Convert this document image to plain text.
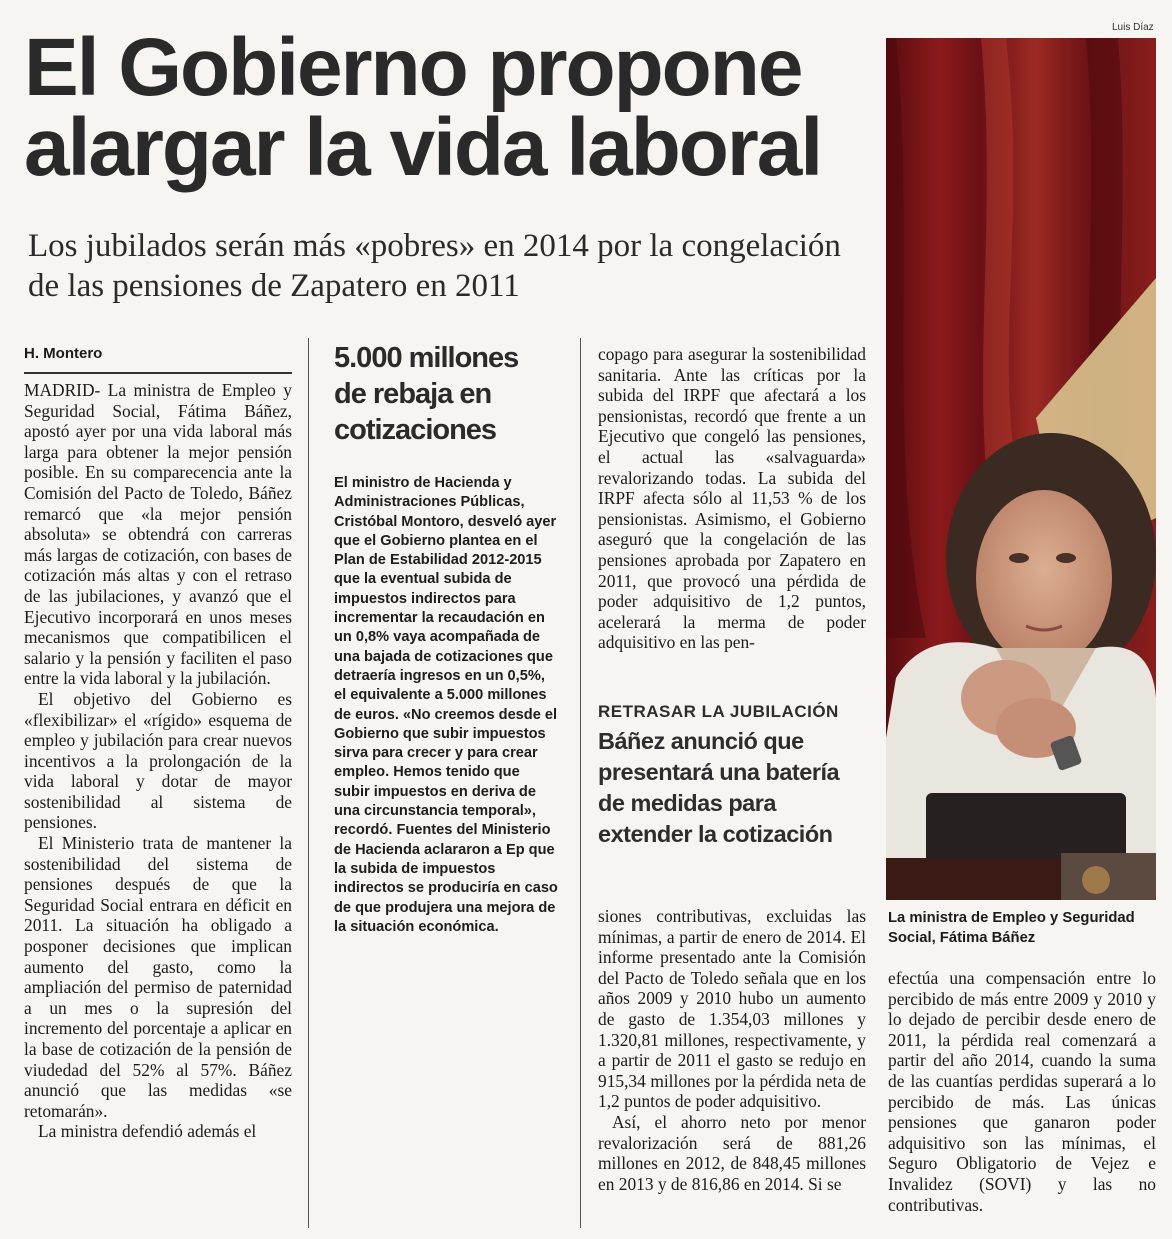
El Gobierno propone alargar la vida laboral
Los jubilados serán más «pobres» en 2014 por la congelación de las pensiones de Zapatero en 2011
H. Montero

MADRID- La ministra de Empleo y Seguridad Social, Fátima Báñez, apostó ayer por una vida laboral más larga para obtener la mejor pensión posible. En su comparecencia ante la Comisión del Pacto de Toledo, Báñez remarcó que «la mejor pensión absoluta» se obtendrá con carreras más largas de cotización, con bases de cotización más altas y con el retraso de las jubilaciones, y avanzó que el Ejecutivo incorporará en unos meses mecanismos que compatibilicen el salario y la pensión y faciliten el paso entre la vida laboral y la jubilación.

El objetivo del Gobierno es «flexibilizar» el «rígido» esquema de empleo y jubilación para crear nuevos incentivos a la prolongación de la vida laboral y dotar de mayor sostenibilidad al sistema de pensiones.

El Ministerio trata de mantener la sostenibilidad del sistema de pensiones después de que la Seguridad Social entrara en déficit en 2011. La situación ha obligado a posponer decisiones que implican aumento del gasto, como la ampliación del permiso de paternidad a un mes o la supresión del incremento del porcentaje a aplicar en la base de cotización de la pensión de viudedad del 52% al 57%. Báñez anunció que las medidas «se retomarán».

La ministra defendió además el

5.000 millones de rebaja en cotizaciones

El ministro de Hacienda y Administraciones Públicas, Cristóbal Montoro, desveló ayer que el Gobierno plantea en el Plan de Estabilidad 2012-2015 que la eventual subida de impuestos indirectos para incrementar la recaudación en un 0,8% vaya acompañada de una bajada de cotizaciones que detraería ingresos en un 0,5%, el equivalente a 5.000 millones de euros. «No creemos desde el Gobierno que subir impuestos sirva para crecer y para crear empleo. Hemos tenido que subir impuestos en deriva de una circunstancia temporal», recordó. Fuentes del Ministerio de Hacienda aclararon a Ep que la subida de impuestos indirectos se produciría en caso de que produjera una mejora de la situación económica.

copago para asegurar la sostenibilidad sanitaria. Ante las críticas por la subida del IRPF que afectará a los pensionistas, recordó que frente a un Ejecutivo que congeló las pensiones, el actual las «salvaguarda» revalorizando todas. La subida del IRPF afecta sólo al 11,53 % de los pensionistas. Asimismo, el Gobierno aseguró que la congelación de las pensiones aprobada por Zapatero en 2011, que provocó una pérdida de poder adquisitivo de 1,2 puntos, acelerará la merma de poder adquisitivo en las pen-

RETRASAR LA JUBILACIÓN
Báñez anunció que presentará una batería de medidas para extender la cotización

siones contributivas, excluidas las mínimas, a partir de enero de 2014. El informe presentado ante la Comisión del Pacto de Toledo señala que en los años 2009 y 2010 hubo un aumento de gasto de 1.354,03 millones y 1.320,81 millones, respectivamente, y a partir de 2011 el gasto se redujo en 915,34 millones por la pérdida neta de 1,2 puntos de poder adquisitivo.

Así, el ahorro neto por menor revalorización será de 881,26 millones en 2012, de 848,45 millones en 2013 y de 816,86 en 2014. Si se

Luis Díaz
La ministra de Empleo y Seguridad Social, Fátima Báñez

efectúa una compensación entre lo percibido de más entre 2009 y 2010 y lo dejado de percibir desde enero de 2011, la pérdida real comenzará a partir del año 2014, cuando la suma de las cuantías perdidas superará a lo percibido de más. Las únicas pensiones que ganaron poder adquisitivo son las mínimas, el Seguro Obligatorio de Vejez e Invalidez (SOVI) y las no contributivas.
